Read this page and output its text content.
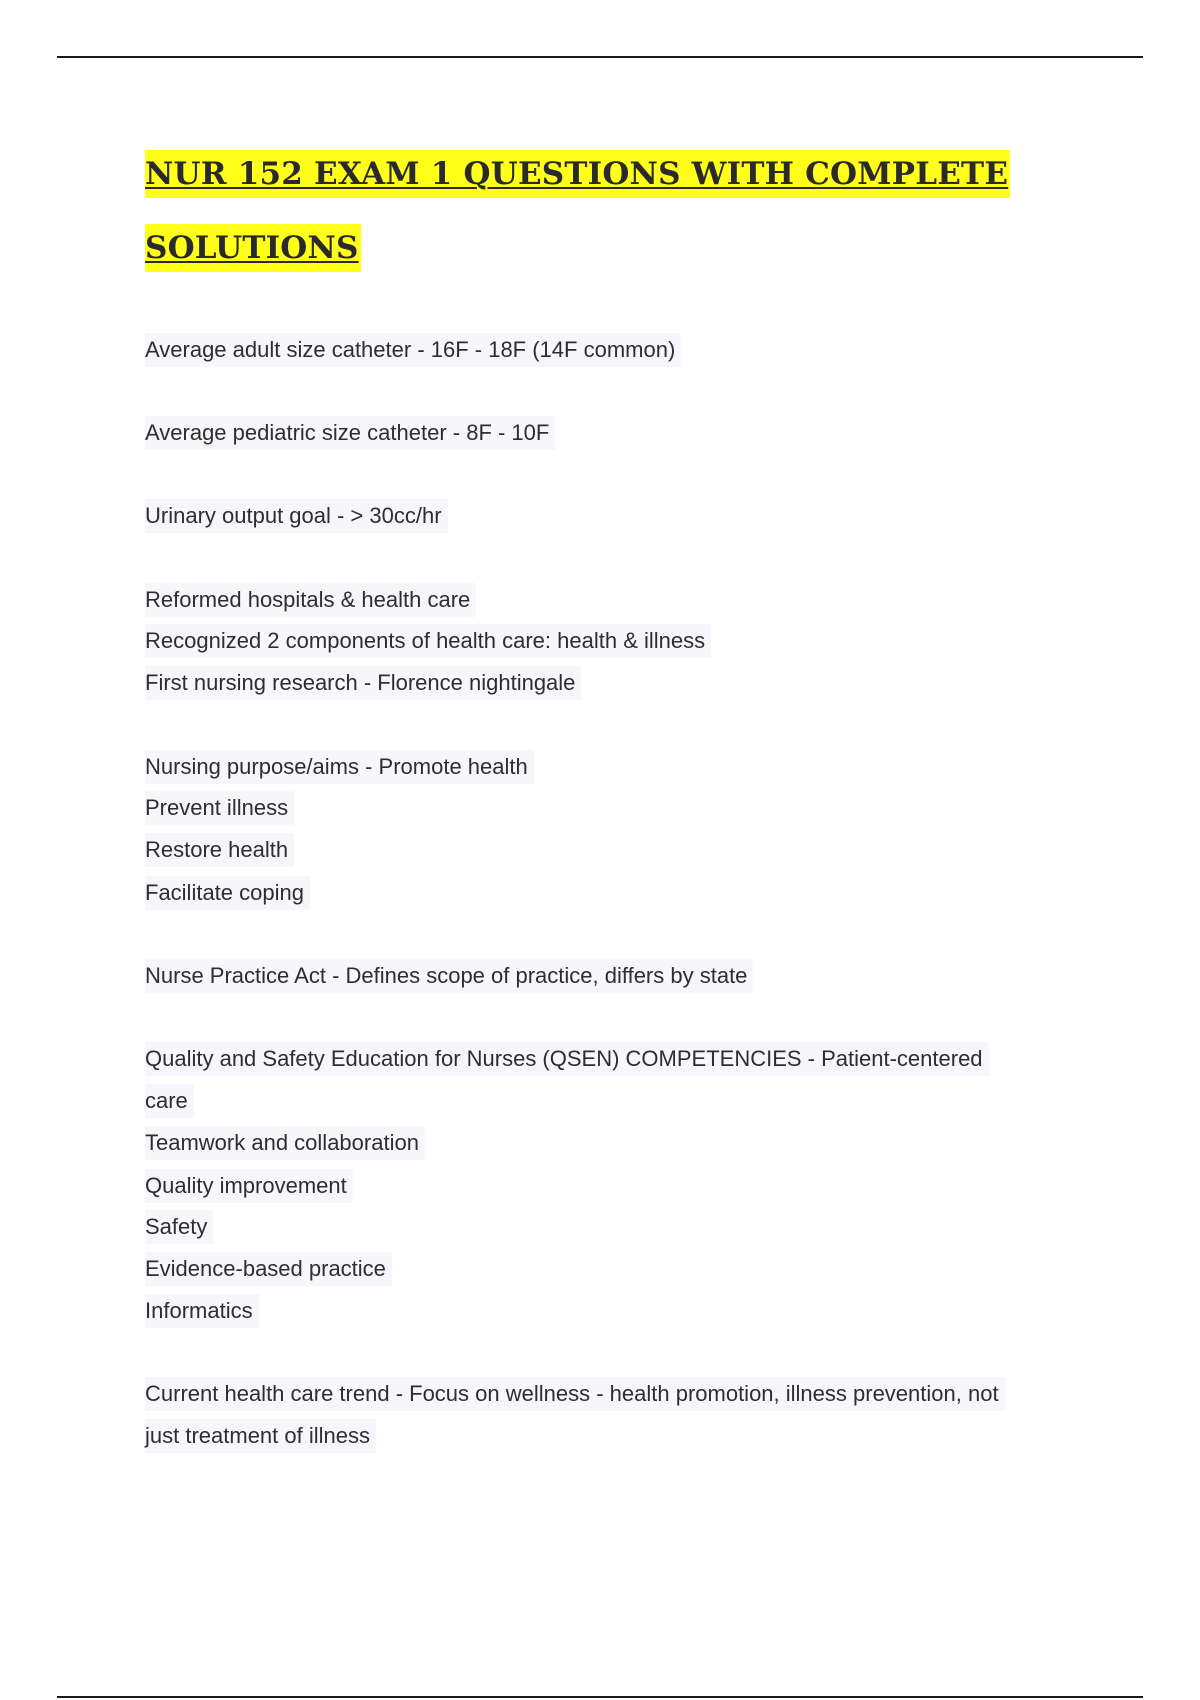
NUR 152 EXAM 1 QUESTIONS WITH COMPLETE
SOLUTIONS
Average adult size catheter - 16F - 18F (14F common)
Average pediatric size catheter - 8F - 10F
Urinary output goal - > 30cc/hr
Reformed hospitals & health care
Recognized 2 components of health care: health & illness
First nursing research - Florence nightingale
Nursing purpose/aims - Promote health
Prevent illness
Restore health
Facilitate coping
Nurse Practice Act - Defines scope of practice, differs by state
Quality and Safety Education for Nurses (QSEN) COMPETENCIES - Patient-centered
care
Teamwork and collaboration
Quality improvement
Safety
Evidence-based practice
Informatics
Current health care trend - Focus on wellness - health promotion, illness prevention, not
just treatment of illness
